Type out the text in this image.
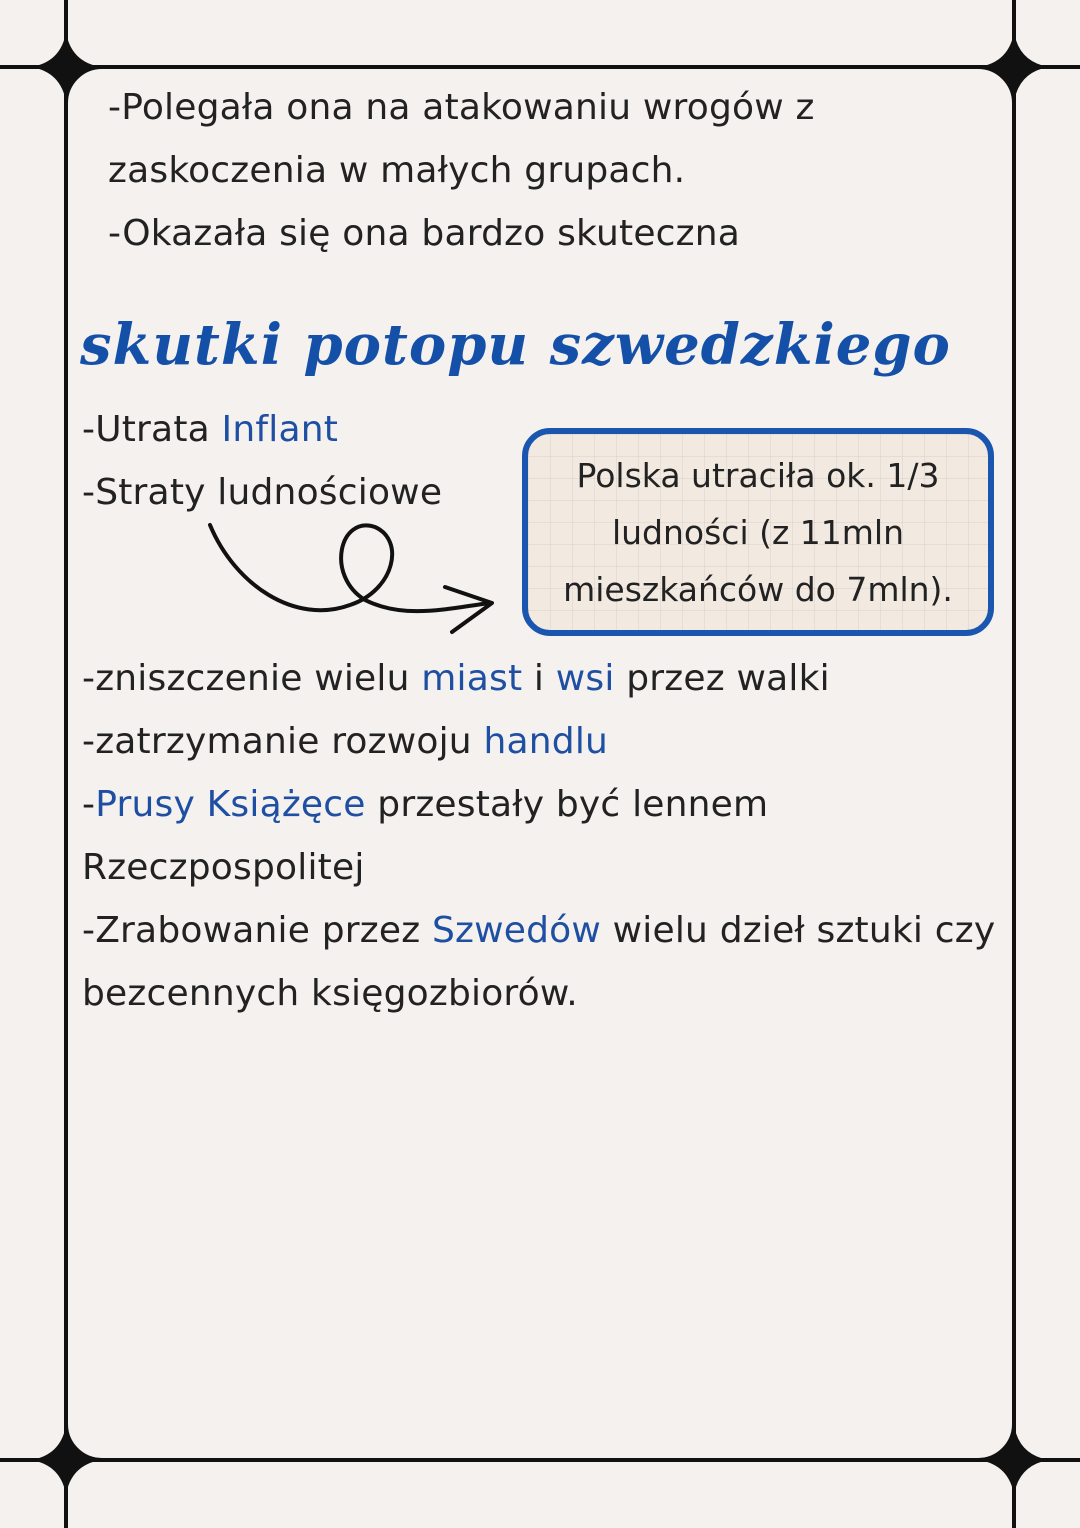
-Polegała ona na atakowaniu wrogów z
zaskoczenia w małych grupach.
-Okazała się ona bardzo skuteczna
skutki potopu szwedzkiego
-Utrata Inflant
-Straty ludnościowe	Polska utraciła ok. 1/3
ludności (z 11mln
mieszkańców do 7mln).
-zniszczenie wielu miast i wsi przez walki
-zatrzymanie rozwoju handlu
-Prusy Książęce przestały być lennem
Rzeczpospolitej
-Zrabowanie przez Szwedów wielu dzieł sztuki czy
bezcennych księgozbiorów.
